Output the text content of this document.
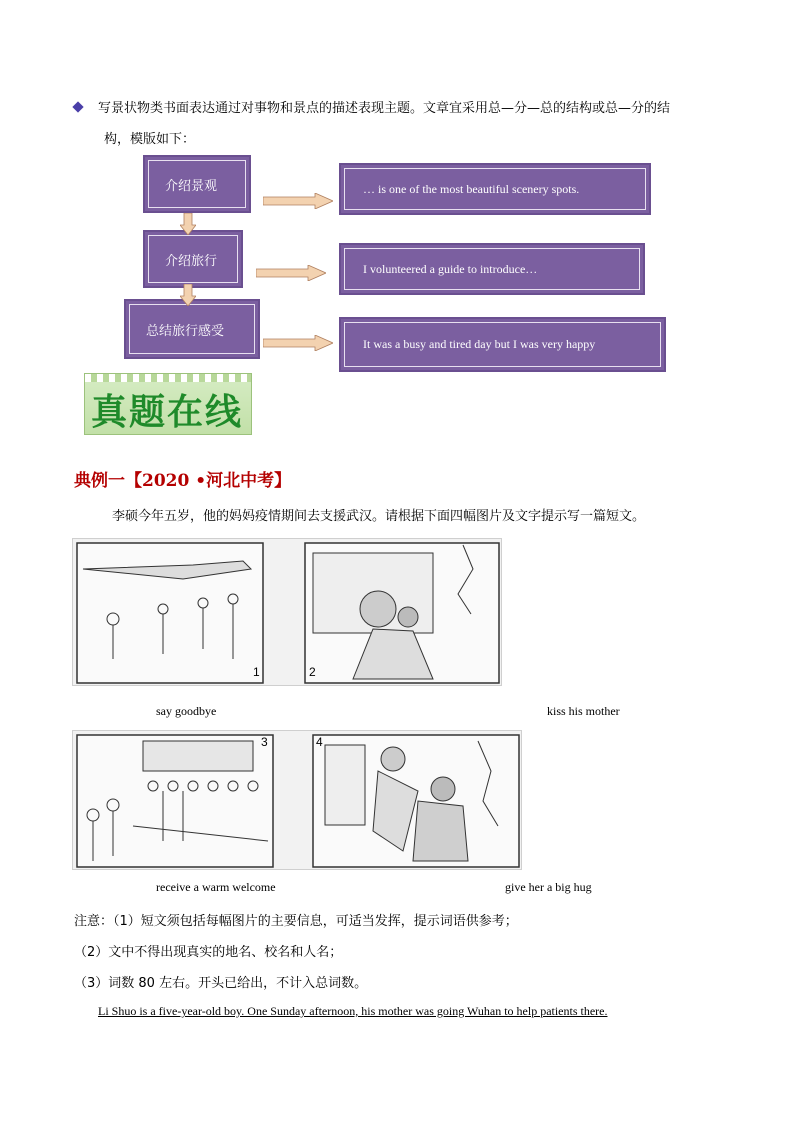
写景状物类书面表达通过对事物和景点的描述表现主题。文章宜采用总—分—总的结构或总—分的结
构，模版如下：
介绍景观
介绍旅行
总结旅行感受
… is one of the most beautiful scenery spots.
I volunteered a guide to introduce…
It was a busy and tired day but I was very happy
真题在线
典例一【2020 •河北中考】
李硕今年五岁，他的妈妈疫情期间去支援武汉。请根据下面四幅图片及文字提示写一篇短文。
1	2
say goodbye	kiss his mother
3	4
receive a warm welcome	give her a big hug
注意：（1）短文须包括每幅图片的主要信息，可适当发挥，提示词语供参考；
（2）文中不得出现真实的地名、校名和人名；
（3）词数 80 左右。开头已给出，不计入总词数。
Li Shuo is a five-year-old boy. One Sunday afternoon, his mother was going Wuhan to help patients there.
